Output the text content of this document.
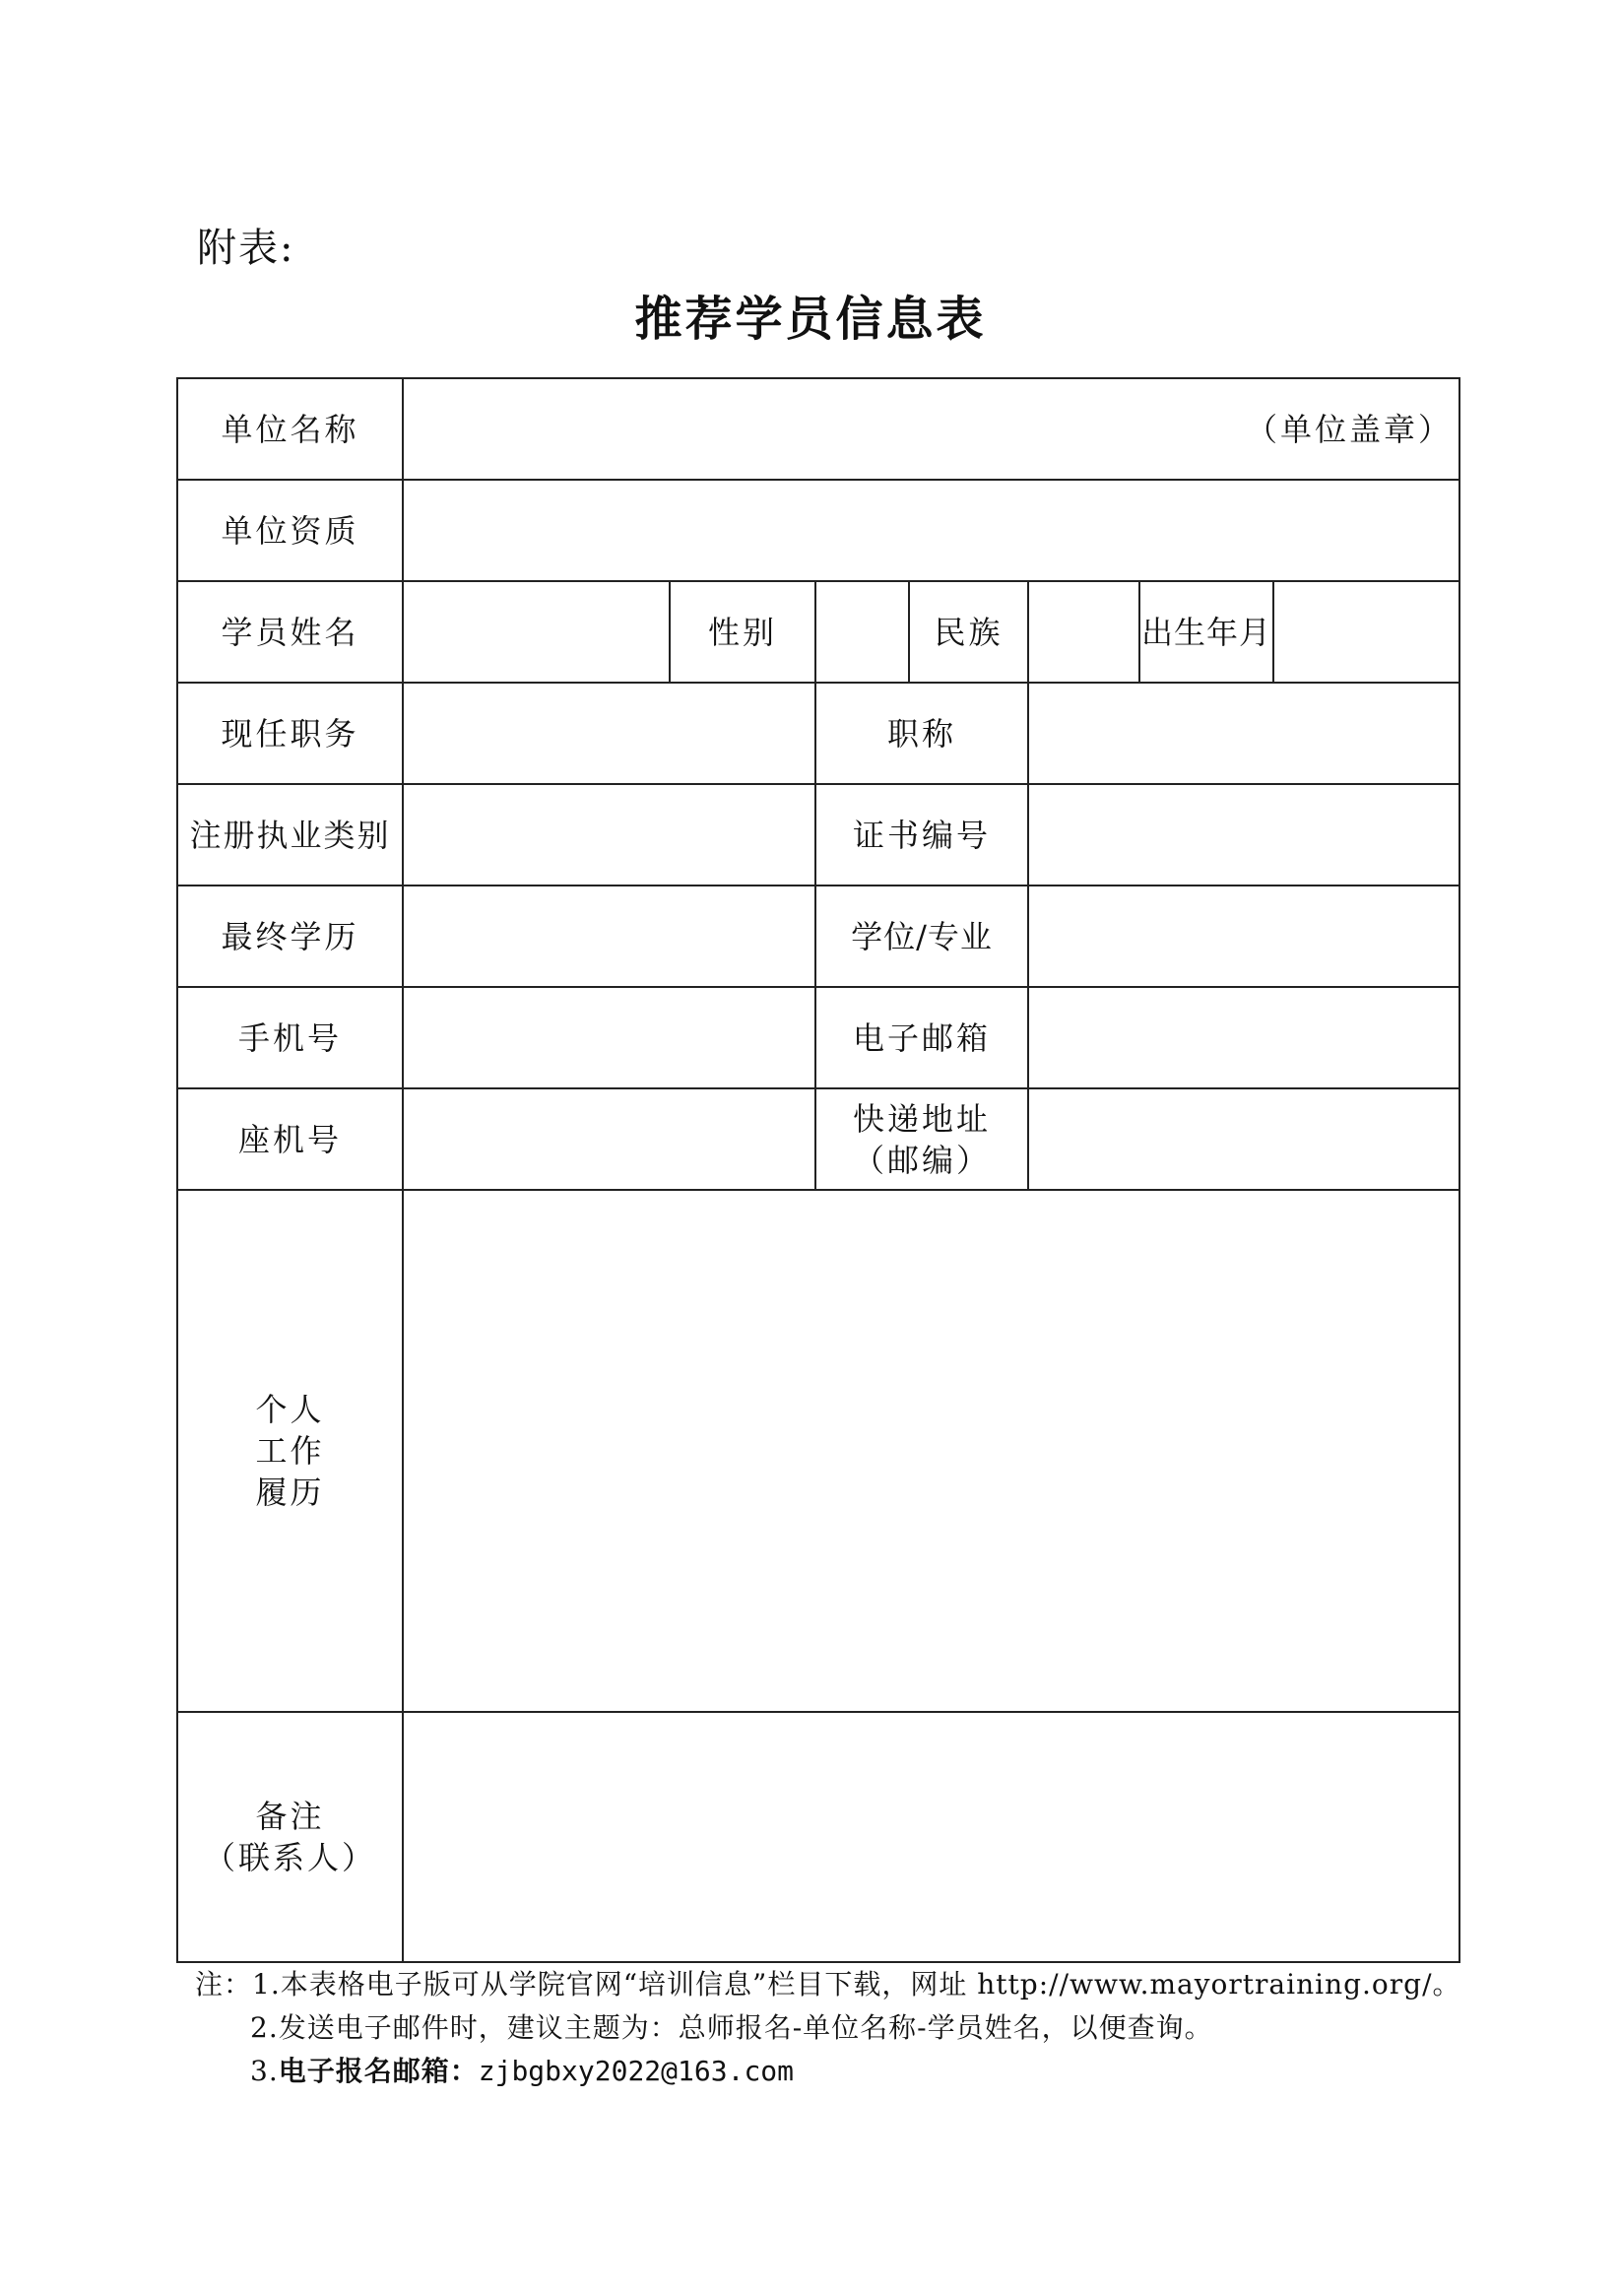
附表:
推荐学员信息表
单位名称	（单位盖章）						

单位资质							
学员姓名		性别		民族		出生年月	
现任职务			职称				
注册执业类别			证书编号				
最终学历			学位/专业				
手机号			电子邮箱				
座机号			快递地址
（邮编）				

个人
工作
履历							

备注
（联系人）							

注：1.本表格电子版可从学院官网“培训信息”栏目下载，网址 http://www.mayortraining.org/。
2.发送电子邮件时，建议主题为：总师报名-单位名称-学员姓名，以便查询。
3.电子报名邮箱：zjbgbxy2022@163.com
